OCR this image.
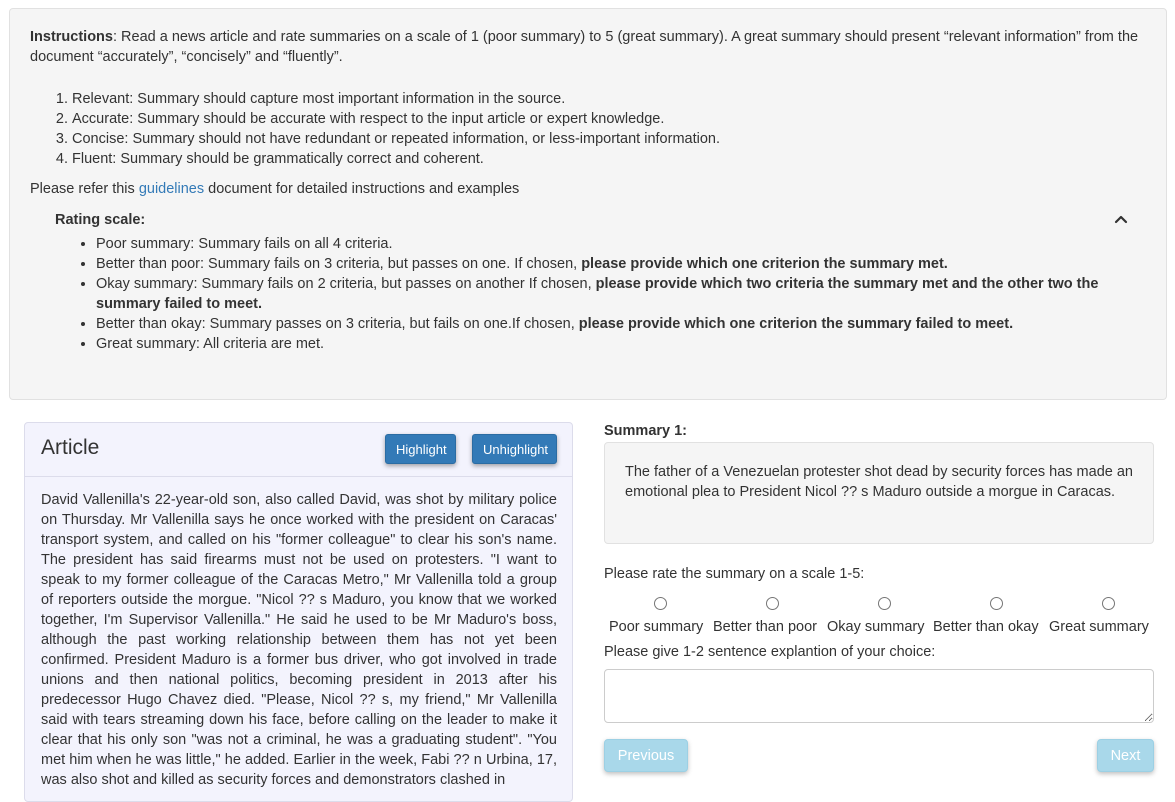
Instructions: Read a news article and rate summaries on a scale of 1 (poor summary) to 5 (great summary). A great summary should present “relevant information” from the document “accurately”, “concisely” and “fluently”.

1. Relevant: Summary should capture most important information in the source.
2. Accurate: Summary should be accurate with respect to the input article or expert knowledge.
3. Concise: Summary should not have redundant or repeated information, or less-important information.
4. Fluent: Summary should be grammatically correct and coherent.

Please refer this guidelines document for detailed instructions and examples

Rating scale:
• Poor summary: Summary fails on all 4 criteria.
• Better than poor: Summary fails on 3 criteria, but passes on one. If chosen, please provide which one criterion the summary met.
• Okay summary: Summary fails on 2 criteria, but passes on another If chosen, please provide which two criteria the summary met and the other two the summary failed to meet.
• Better than okay: Summary passes on 3 criteria, but fails on one.If chosen, please provide which one criterion the summary failed to meet.
• Great summary: All criteria are met.
Article	Highlight	Unhighlight

David Vallenilla's 22-year-old son, also called David, was shot by military police on Thursday. Mr Vallenilla says he once worked with the president on Caracas' transport system, and called on his "former colleague" to clear his son's name. The president has said firearms must not be used on protesters. "I want to speak to my former colleague of the Caracas Metro," Mr Vallenilla told a group of reporters outside the morgue. "Nicol ?? s Maduro, you know that we worked together, I'm Supervisor Vallenilla." He said he used to be Mr Maduro's boss, although the past working relationship between them has not yet been confirmed. President Maduro is a former bus driver, who got involved in trade unions and then national politics, becoming president in 2013 after his predecessor Hugo Chavez died. "Please, Nicol ?? s, my friend," Mr Vallenilla said with tears streaming down his face, before calling on the leader to make it clear that his only son "was not a criminal, he was a graduating student". "You met him when he was little," he added. Earlier in the week, Fabi ?? n Urbina, 17, was also shot and killed as security forces and demonstrators clashed in

Summary 1:

The father of a Venezuelan protester shot dead by security forces has made an emotional plea to President Nicol ?? s Maduro outside a morgue in Caracas.

Please rate the summary on a scale 1-5:
Poor summary Better than poor Okay summary Better than okay Great summary
Please give 1-2 sentence explantion of your choice:
Previous	Next
